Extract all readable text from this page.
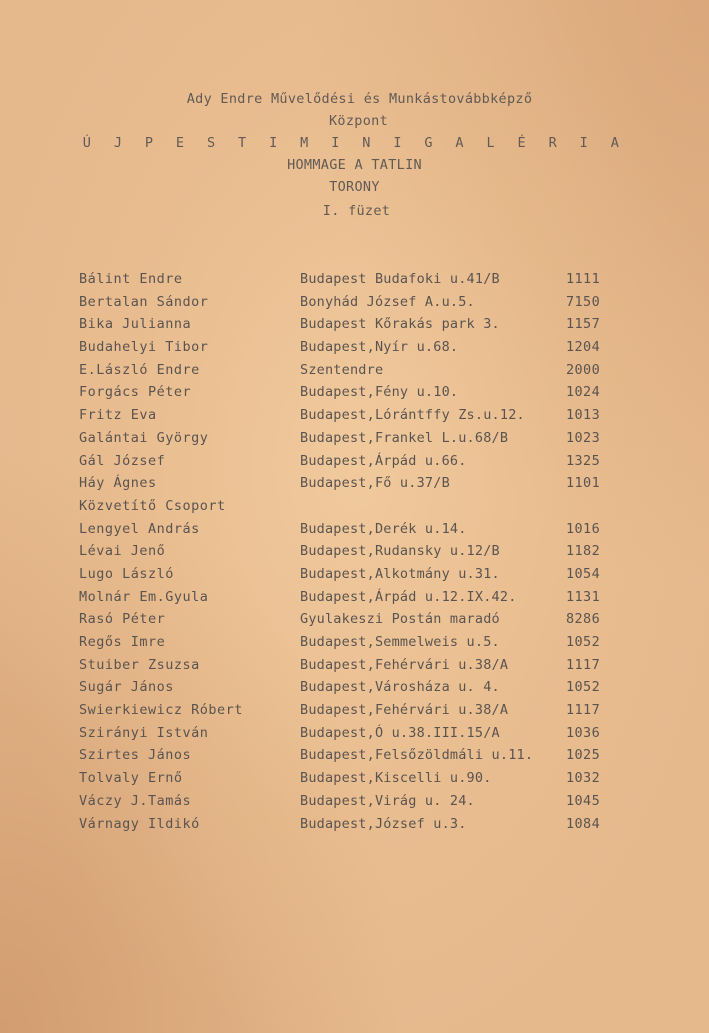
Ady Endre Művelődési és Munkástovábbképző
Központ
Ú J P E S T I M I N I G A L É R I A
HOMMAGE A TATLIN
TORONY
I. füzet
Bálint Endre	Budapest Budafoki u.41/B	1111
Bertalan Sándor	Bonyhád József A.u.5.	7150
Bika Julianna	Budapest Kőrakás park 3.	1157
Budahelyi Tibor	Budapest,Nyír u.68.	1204
E.László Endre	Szentendre	2000
Forgács Péter	Budapest,Fény u.10.	1024
Fritz Eva	Budapest,Lórántffy Zs.u.12.	1013
Galántai György	Budapest,Frankel L.u.68/B	1023
Gál József	Budapest,Árpád u.66.	1325
Háy Ágnes	Budapest,Fő u.37/B	1101
Közvetítő Csoport
Lengyel András	Budapest,Derék u.14.	1016
Lévai Jenő	Budapest,Rudansky u.12/B	1182
Lugo László	Budapest,Alkotmány u.31.	1054
Molnár Em.Gyula	Budapest,Árpád u.12.IX.42.	1131
Rasó Péter	Gyulakeszi Postán maradó	8286
Regős Imre	Budapest,Semmelweis u.5.	1052
Stuiber Zsuzsa	Budapest,Fehérvári u.38/A	1117
Sugár János	Budapest,Városháza u. 4.	1052
Swierkiewicz Róbert	Budapest,Fehérvári u.38/A	1117
Szirányi István	Budapest,Ó u.38.III.15/A	1036
Szirtes János	Budapest,Felsőzöldmáli u.11. 1025
Tolvaly Ernő	Budapest,Kiscelli u.90.	1032
Váczy J.Tamás	Budapest,Virág u. 24.	1045
Várnagy Ildikó	Budapest,József u.3.	1084
